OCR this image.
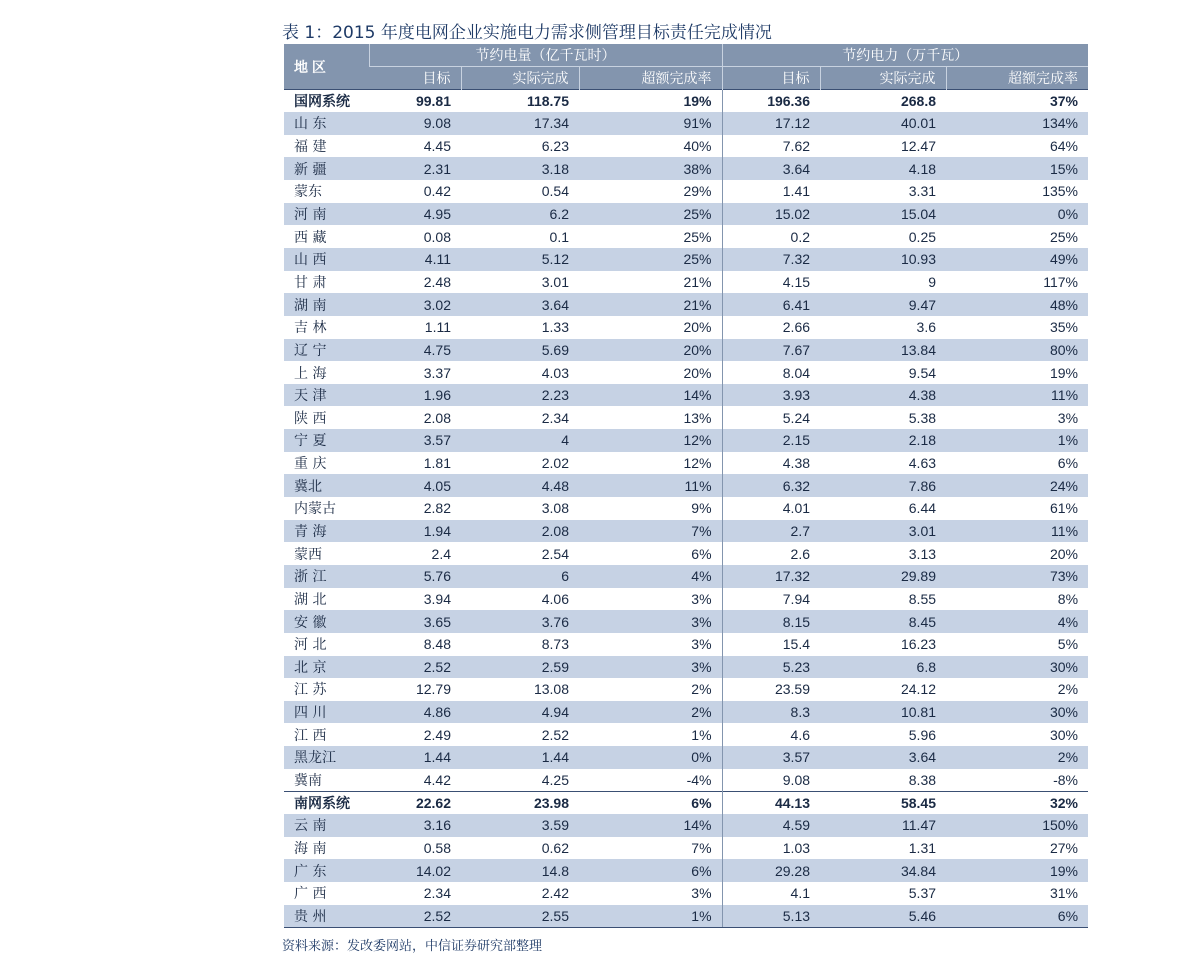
表 1：2015 年度电网企业实施电力需求侧管理目标责任完成情况
地 区	节约电量（亿千瓦时）			节约电力（万千瓦）		
	目标	实际完成	超额完成率	目标	实际完成	超额完成率
国网系统	99.81	118.75	19%	196.36	268.8	37%
山 东	9.08	17.34	91%	17.12	40.01	134%
福 建	4.45	6.23	40%	7.62	12.47	64%
新 疆	2.31	3.18	38%	3.64	4.18	15%
蒙东	0.42	0.54	29%	1.41	3.31	135%
河 南	4.95	6.2	25%	15.02	15.04	0%
西 藏	0.08	0.1	25%	0.2	0.25	25%
山 西	4.11	5.12	25%	7.32	10.93	49%
甘 肃	2.48	3.01	21%	4.15	9	117%
湖 南	3.02	3.64	21%	6.41	9.47	48%
吉 林	1.11	1.33	20%	2.66	3.6	35%
辽 宁	4.75	5.69	20%	7.67	13.84	80%
上 海	3.37	4.03	20%	8.04	9.54	19%
天 津	1.96	2.23	14%	3.93	4.38	11%
陕 西	2.08	2.34	13%	5.24	5.38	3%
宁 夏	3.57	4	12%	2.15	2.18	1%
重 庆	1.81	2.02	12%	4.38	4.63	6%
冀北	4.05	4.48	11%	6.32	7.86	24%
内蒙古	2.82	3.08	9%	4.01	6.44	61%
青 海	1.94	2.08	7%	2.7	3.01	11%
蒙西	2.4	2.54	6%	2.6	3.13	20%
浙 江	5.76	6	4%	17.32	29.89	73%
湖 北	3.94	4.06	3%	7.94	8.55	8%
安 徽	3.65	3.76	3%	8.15	8.45	4%
河 北	8.48	8.73	3%	15.4	16.23	5%
北 京	2.52	2.59	3%	5.23	6.8	30%
江 苏	12.79	13.08	2%	23.59	24.12	2%
四 川	4.86	4.94	2%	8.3	10.81	30%
江 西	2.49	2.52	1%	4.6	5.96	30%
黑龙江	1.44	1.44	0%	3.57	3.64	2%
冀南	4.42	4.25	-4%	9.08	8.38	-8%
南网系统	22.62	23.98	6%	44.13	58.45	32%
云 南	3.16	3.59	14%	4.59	11.47	150%
海 南	0.58	0.62	7%	1.03	1.31	27%
广 东	14.02	14.8	6%	29.28	34.84	19%
广 西	2.34	2.42	3%	4.1	5.37	31%
贵 州	2.52	2.55	1%	5.13	5.46	6%
资料来源：发改委网站，中信证券研究部整理
